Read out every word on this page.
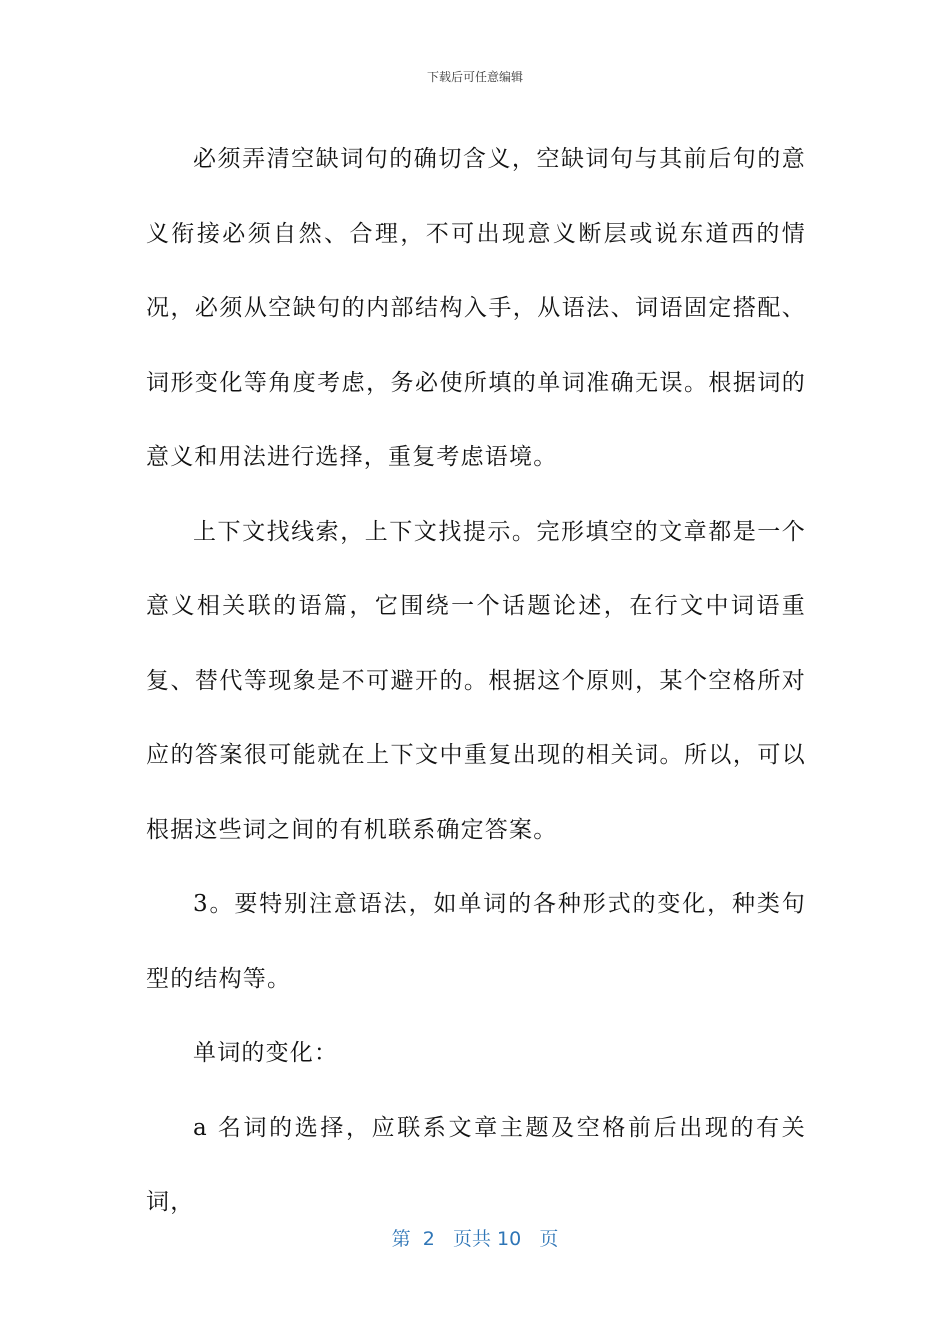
下载后可任意编辑

必须弄清空缺词句的确切含义，空缺词句与其前后句的意义衔接必须自然、合理，不可出现意义断层或说东道西的情况，必须从空缺句的内部结构入手，从语法、词语固定搭配、词形变化等角度考虑，务必使所填的单词准确无误。根据词的意义和用法进行选择，重复考虑语境。

上下文找线索，上下文找提示。完形填空的文章都是一个意义相关联的语篇，它围绕一个话题论述，在行文中词语重复、替代等现象是不可避开的。根据这个原则，某个空格所对应的答案很可能就在上下文中重复出现的相关词。所以，可以根据这些词之间的有机联系确定答案。

3。要特别注意语法，如单词的各种形式的变化，种类句型的结构等。

单词的变化：

a 名词的选择，应联系文章主题及空格前后出现的有关词，

第 2 页共 10 页
